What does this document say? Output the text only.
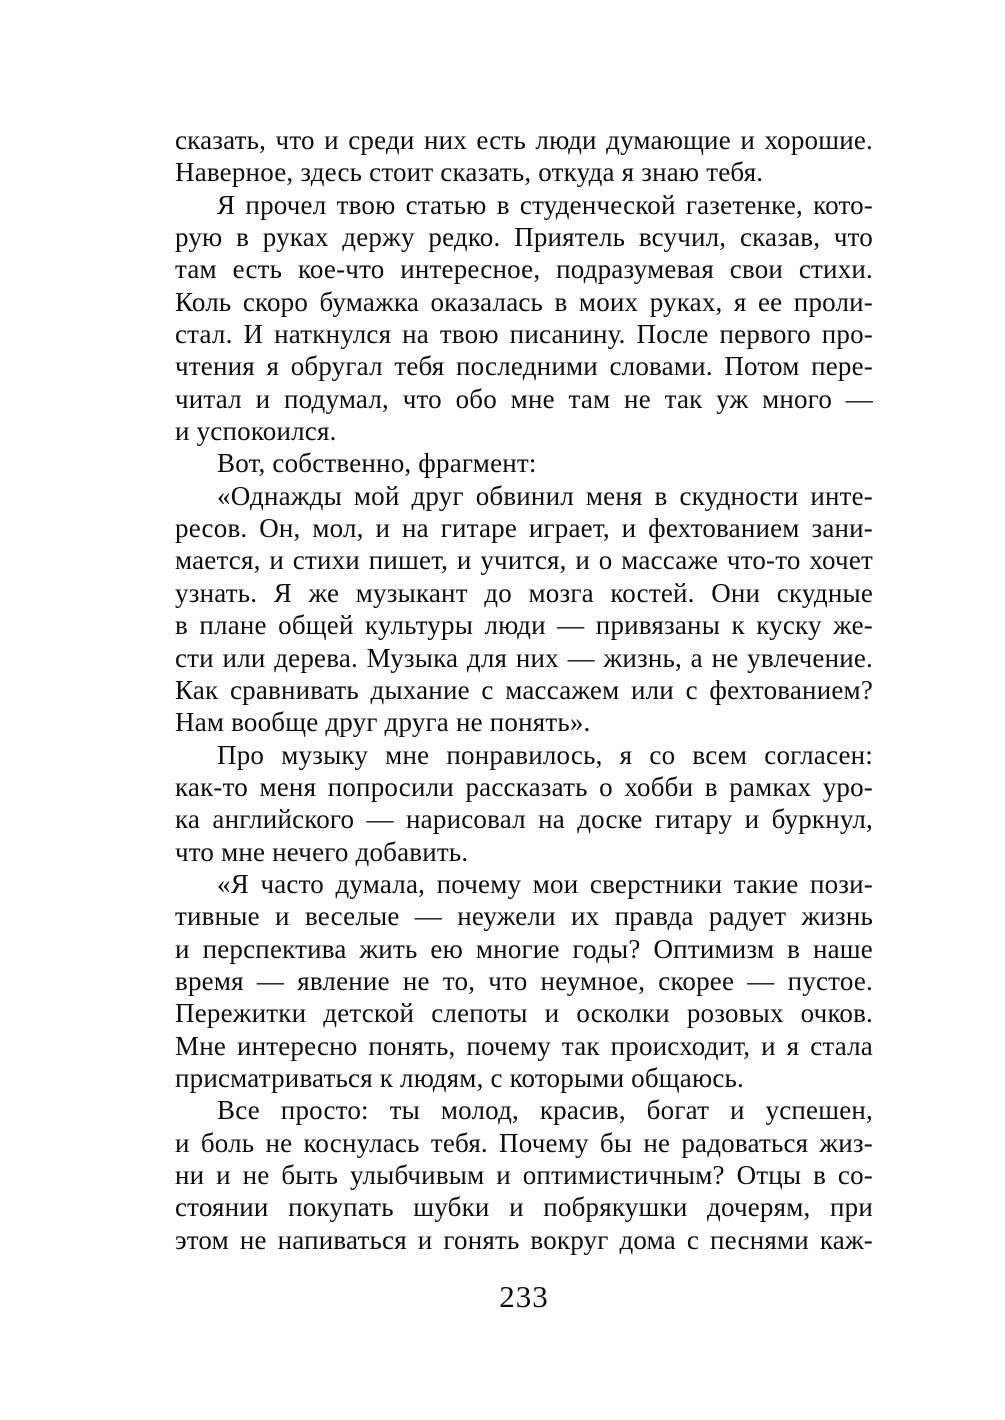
сказать, что и среди них есть люди думающие и хорошие.
Наверное, здесь стоит сказать, откуда я знаю тебя.
Я прочел твою статью в студенческой газетенке, кото-
рую в руках держу редко. Приятель всучил, сказав, что
там есть кое-что интересное, подразумевая свои стихи.
Коль скоро бумажка оказалась в моих руках, я ее проли-
стал. И наткнулся на твою писанину. После первого про-
чтения я обругал тебя последними словами. Потом пере-
читал и подумал, что обо мне там не так уж много —
и успокоился.
Вот, собственно, фрагмент:
«Однажды мой друг обвинил меня в скудности инте-
ресов. Он, мол, и на гитаре играет, и фехтованием зани-
мается, и стихи пишет, и учится, и о массаже что-то хочет
узнать. Я же музыкант до мозга костей. Они скудные
в плане общей культуры люди — привязаны к куску же-
сти или дерева. Музыка для них — жизнь, а не увлечение.
Как сравнивать дыхание с массажем или с фехтованием?
Нам вообще друг друга не понять».
Про музыку мне понравилось, я со всем согласен:
как-то меня попросили рассказать о хобби в рамках уро-
ка английского — нарисовал на доске гитару и буркнул,
что мне нечего добавить.
«Я часто думала, почему мои сверстники такие пози-
тивные и веселые — неужели их правда радует жизнь
и перспектива жить ею многие годы? Оптимизм в наше
время — явление не то, что неумное, скорее — пустое.
Пережитки детской слепоты и осколки розовых очков.
Мне интересно понять, почему так происходит, и я стала
присматриваться к людям, с которыми общаюсь.
Все просто: ты молод, красив, богат и успешен,
и боль не коснулась тебя. Почему бы не радоваться жиз-
ни и не быть улыбчивым и оптимистичным? Отцы в со-
стоянии покупать шубки и побрякушки дочерям, при
этом не напиваться и гонять вокруг дома с песнями каж-
233
